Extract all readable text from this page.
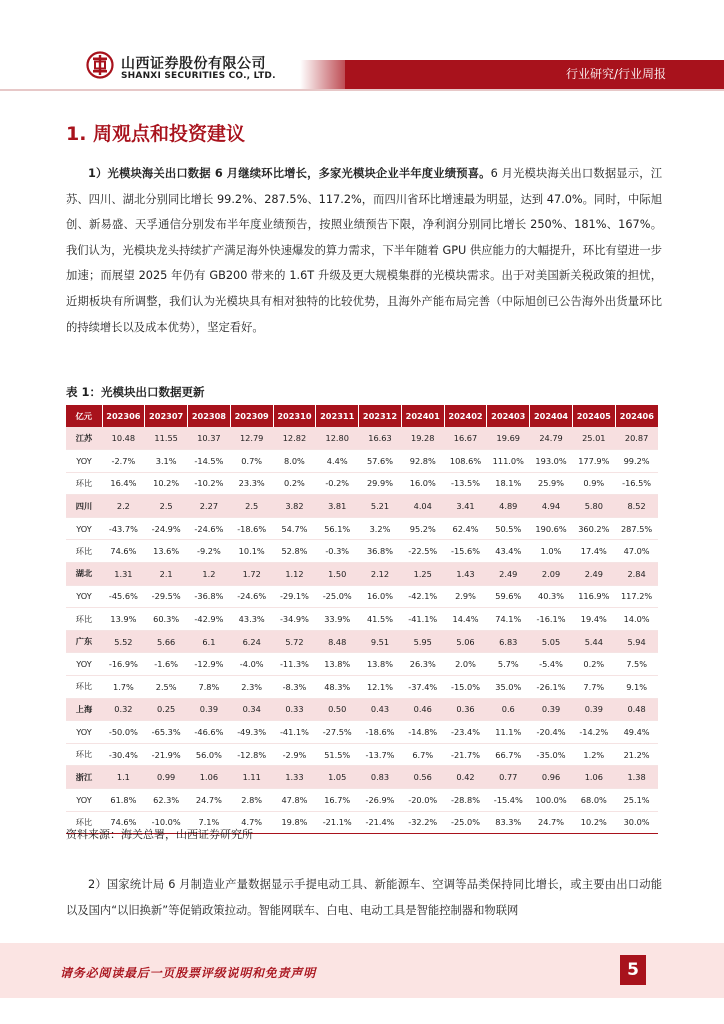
山西证券股份有限公司
SHANXI SECURITIES CO., LTD.	行业研究/行业周报
1. 周观点和投资建议

1）光模块海关出口数据 6 月继续环比增长，多家光模块企业半年度业绩预喜。6 月光模块海关出口数据显示，江苏、四川、湖北分别同比增长 99.2%、287.5%、117.2%，而四川省环比增速最为明显，达到 47.0%。同时，中际旭创、新易盛、天孚通信分别发布半年度业绩预告，按照业绩预告下限，净利润分别同比增长 250%、181%、167%。我们认为，光模块龙头持续扩产满足海外快速爆发的算力需求，下半年随着 GPU 供应能力的大幅提升，环比有望进一步加速；而展望 2025 年仍有 GB200 带来的 1.6T 升级及更大规模集群的光模块需求。出于对美国新关税政策的担忧，近期板块有所调整，我们认为光模块具有相对独特的比较优势，且海外产能布局完善（中际旭创已公告海外出货量环比的持续增长以及成本优势），坚定看好。

表 1：光模块出口数据更新
亿元	202306	202307	202308	202309	202310	202311	202312	202401	202402	202403	202404	202405	202406
江苏	10.48	11.55	10.37	12.79	12.82	12.80	16.63	19.28	16.67	19.69	24.79	25.01	20.87
YOY	-2.7%	3.1%	-14.5%	0.7%	8.0%	4.4%	57.6%	92.8%	108.6%	111.0%	193.0%	177.9%	99.2%
环比	16.4%	10.2%	-10.2%	23.3%	0.2%	-0.2%	29.9%	16.0%	-13.5%	18.1%	25.9%	0.9%	-16.5%
四川	2.2	2.5	2.27	2.5	3.82	3.81	5.21	4.04	3.41	4.89	4.94	5.80	8.52
YOY	-43.7%	-24.9%	-24.6%	-18.6%	54.7%	56.1%	3.2%	95.2%	62.4%	50.5%	190.6%	360.2%	287.5%
环比	74.6%	13.6%	-9.2%	10.1%	52.8%	-0.3%	36.8%	-22.5%	-15.6%	43.4%	1.0%	17.4%	47.0%
湖北	1.31	2.1	1.2	1.72	1.12	1.50	2.12	1.25	1.43	2.49	2.09	2.49	2.84
YOY	-45.6%	-29.5%	-36.8%	-24.6%	-29.1%	-25.0%	16.0%	-42.1%	2.9%	59.6%	40.3%	116.9%	117.2%
环比	13.9%	60.3%	-42.9%	43.3%	-34.9%	33.9%	41.5%	-41.1%	14.4%	74.1%	-16.1%	19.4%	14.0%
广东	5.52	5.66	6.1	6.24	5.72	8.48	9.51	5.95	5.06	6.83	5.05	5.44	5.94
YOY	-16.9%	-1.6%	-12.9%	-4.0%	-11.3%	13.8%	13.8%	26.3%	2.0%	5.7%	-5.4%	0.2%	7.5%
环比	1.7%	2.5%	7.8%	2.3%	-8.3%	48.3%	12.1%	-37.4%	-15.0%	35.0%	-26.1%	7.7%	9.1%
上海	0.32	0.25	0.39	0.34	0.33	0.50	0.43	0.46	0.36	0.6	0.39	0.39	0.48
YOY	-50.0%	-65.3%	-46.6%	-49.3%	-41.1%	-27.5%	-18.6%	-14.8%	-23.4%	11.1%	-20.4%	-14.2%	49.4%
环比	-30.4%	-21.9%	56.0%	-12.8%	-2.9%	51.5%	-13.7%	6.7%	-21.7%	66.7%	-35.0%	1.2%	21.2%
浙江	1.1	0.99	1.06	1.11	1.33	1.05	0.83	0.56	0.42	0.77	0.96	1.06	1.38
YOY	61.8%	62.3%	24.7%	2.8%	47.8%	16.7%	-26.9%	-20.0%	-28.8%	-15.4%	100.0%	68.0%	25.1%
环比	74.6%	-10.0%	7.1%	4.7%	19.8%	-21.1%	-21.4%	-32.2%	-25.0%	83.3%	24.7%	10.2%	30.0%
资料来源：海关总署，山西证券研究所

2）国家统计局 6 月制造业产量数据显示手提电动工具、新能源车、空调等品类保持同比增长，或主要由出口动能以及国内“以旧换新”等促销政策拉动。智能网联车、白电、电动工具是智能控制器和物联网

请务必阅读最后一页股票评级说明和免责声明	5
